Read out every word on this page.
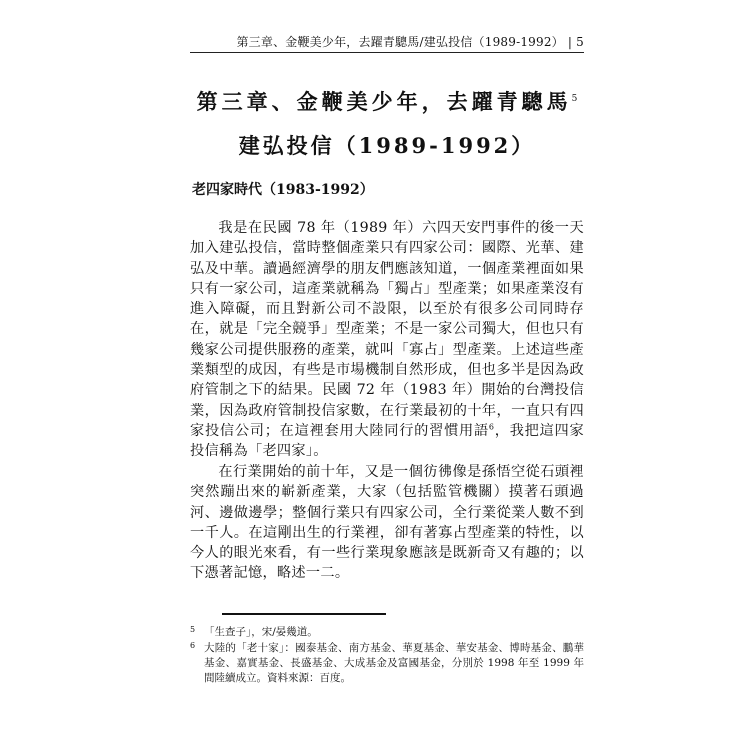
第三章、金鞭美少年，去躍青驄馬/建弘投信（1989-1992） | 5
第三章、金鞭美少年，去躍青驄馬$^5$
建弘投信（1989-1992）
老四家時代（1983-1992）

我是在民國 78 年（1989 年）六四天安門事件的後一天加入建弘投信，當時整個產業只有四家公司：國際、光華、建弘及中華。讀過經濟學的朋友們應該知道，一個產業裡面如果只有一家公司，這產業就稱為「獨占」型產業；如果產業沒有進入障礙，而且對新公司不設限，以至於有很多公司同時存在，就是「完全競爭」型產業；不是一家公司獨大，但也只有幾家公司提供服務的產業，就叫「寡占」型產業。上述這些產業類型的成因，有些是市場機制自然形成，但也多半是因為政府管制之下的結果。民國 72 年（1983 年）開始的台灣投信業，因為政府管制投信家數，在行業最初的十年，一直只有四家投信公司；在這裡套用大陸同行的習慣用語$^6$，我把這四家投信稱為「老四家」。

在行業開始的前十年，又是一個彷彿像是孫悟空從石頭裡突然蹦出來的嶄新產業，大家（包括監管機關）摸著石頭過河、邊做邊學；整個行業只有四家公司，全行業從業人數不到一千人。在這剛出生的行業裡，卻有著寡占型產業的特性，以今人的眼光來看，有一些行業現象應該是既新奇又有趣的；以下憑著記憶，略述一二。

5 「生查子」，宋/晏幾道。
6 大陸的「老十家」：國泰基金、南方基金、華夏基金、華安基金、博時基金、鵬華基金、嘉實基金、長盛基金、大成基金及富國基金，分別於 1998 年至 1999 年間陸續成立。資料來源：百度。
